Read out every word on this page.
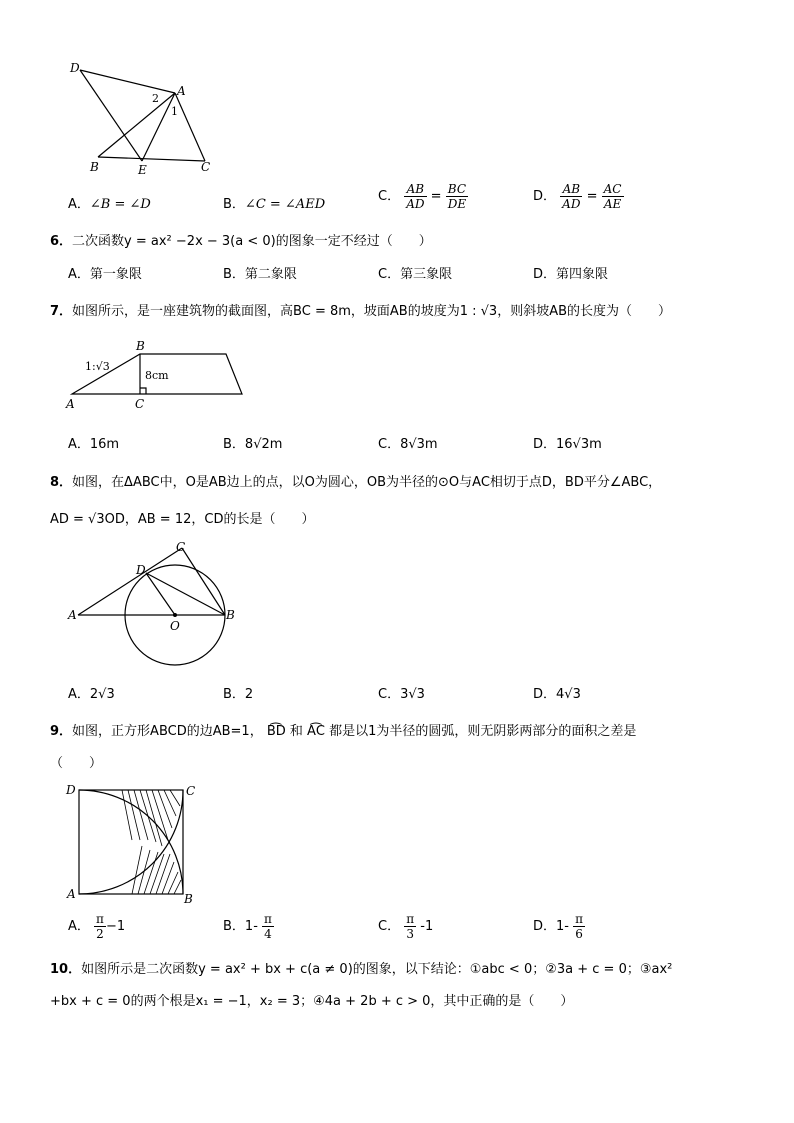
D
A
2
1
B	E	C
A．∠B = ∠D	B．∠C = ∠AED
C． $\frac{AB}{AD} = \frac{BC}{DE}$	D． $\frac{AB}{AD} = \frac{AC}{AE}$
6．二次函数y = ax² −2x − 3(a < 0)的图象一定不经过（　　）
A．第一象限	B．第二象限	C．第三象限	D．第四象限
7．如图所示，是一座建筑物的截面图，高BC = 8m，坡面AB的坡度为1 : √3，则斜坡AB的长度为（　　）
B
1:√3
8cm
A	C
A．16m	B．8√2m	C．8√3m	D．16√3m
8．如图，在ΔABC中，O是AB边上的点，以O为圆心，OB为半径的⊙O与AC相切于点D，BD平分∠ABC，
AD = √3OD，AB = 12，CD的长是（　　）
C
D
A
O
B
A．2√3	B．2	C．3√3	D．4√3
9．如图，正方形ABCD的边AB=1， B͡D 和 A͡C 都是以1为半径的圆弧，则无阴影两部分的面积之差是
（　　）
D	C
A	B
A． $\frac{\pi}{2} -1$	B．$1- \frac{\pi}{4}$	C． $\frac{\pi}{3} -1$	D．$1- \frac{\pi}{6}$
10．如图所示是二次函数y = ax² + bx + c(a ≠ 0)的图象，以下结论：①abc < 0；②3a + c = 0；③ax²
+bx + c = 0的两个根是x₁ = −1，x₂ = 3；④4a + 2b + c > 0，其中正确的是（　　）
